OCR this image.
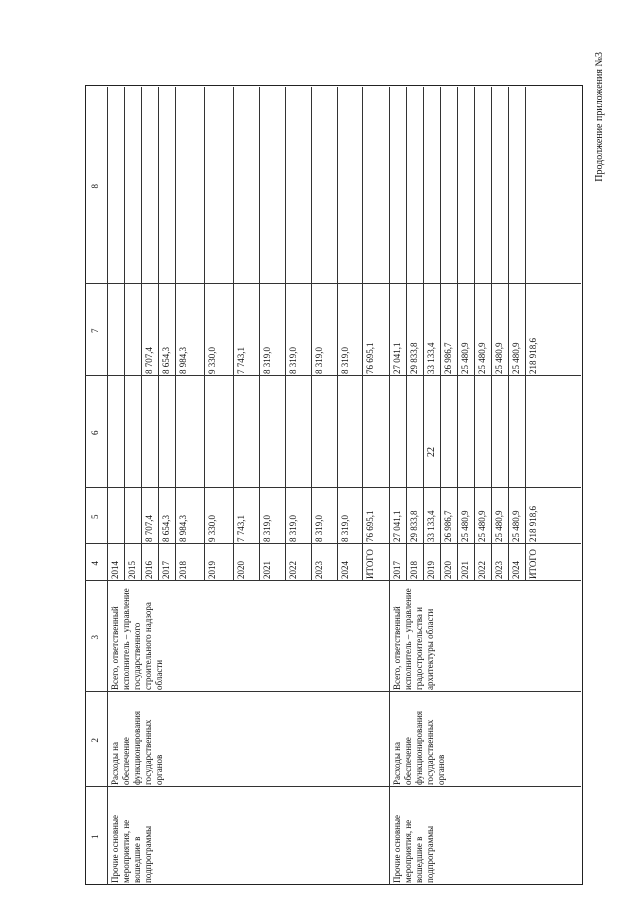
22
Продолжение приложения №3
1
2
3
4
5
6
7
8
Прочие основные мероприятия, не вошедшие в подпрограммы
Расходы на обеспечение функционирования государственных органов
Всего, ответственный исполнитель – управление государственного строительного надзора области
2014 2015 2016
8 707,4
8 707,4
2017
8 654,3
8 654,3
2018
8 984,3
8 984,3
2019
9 330,0
9 330,0
2020
7 743,1
7 743,1
2021
8 319,0
8 319,0
2022
8 319,0
8 319,0
2023
8 319,0
8 319,0
2024
8 319,0
8 319,0
ИТОГО
76 695,1
76 695,1
Прочие основные мероприятия, не вошедшие в подпрограммы
Расходы на обеспечение функционирования государственных органов
Всего, ответственный исполнитель – управление градостроительства и архитектуры области
2017
27 041,1
27 041,1
2018
29 833,8
29 833,8
2019
33 133,4
33 133,4
2020
26 986,7
26 986,7
2021
25 480,9
25 480,9
2022
25 480,9
25 480,9
2023
25 480,9
25 480,9
2024
25 480,9
25 480,9
ИТОГО
218 918,6
218 918,6
